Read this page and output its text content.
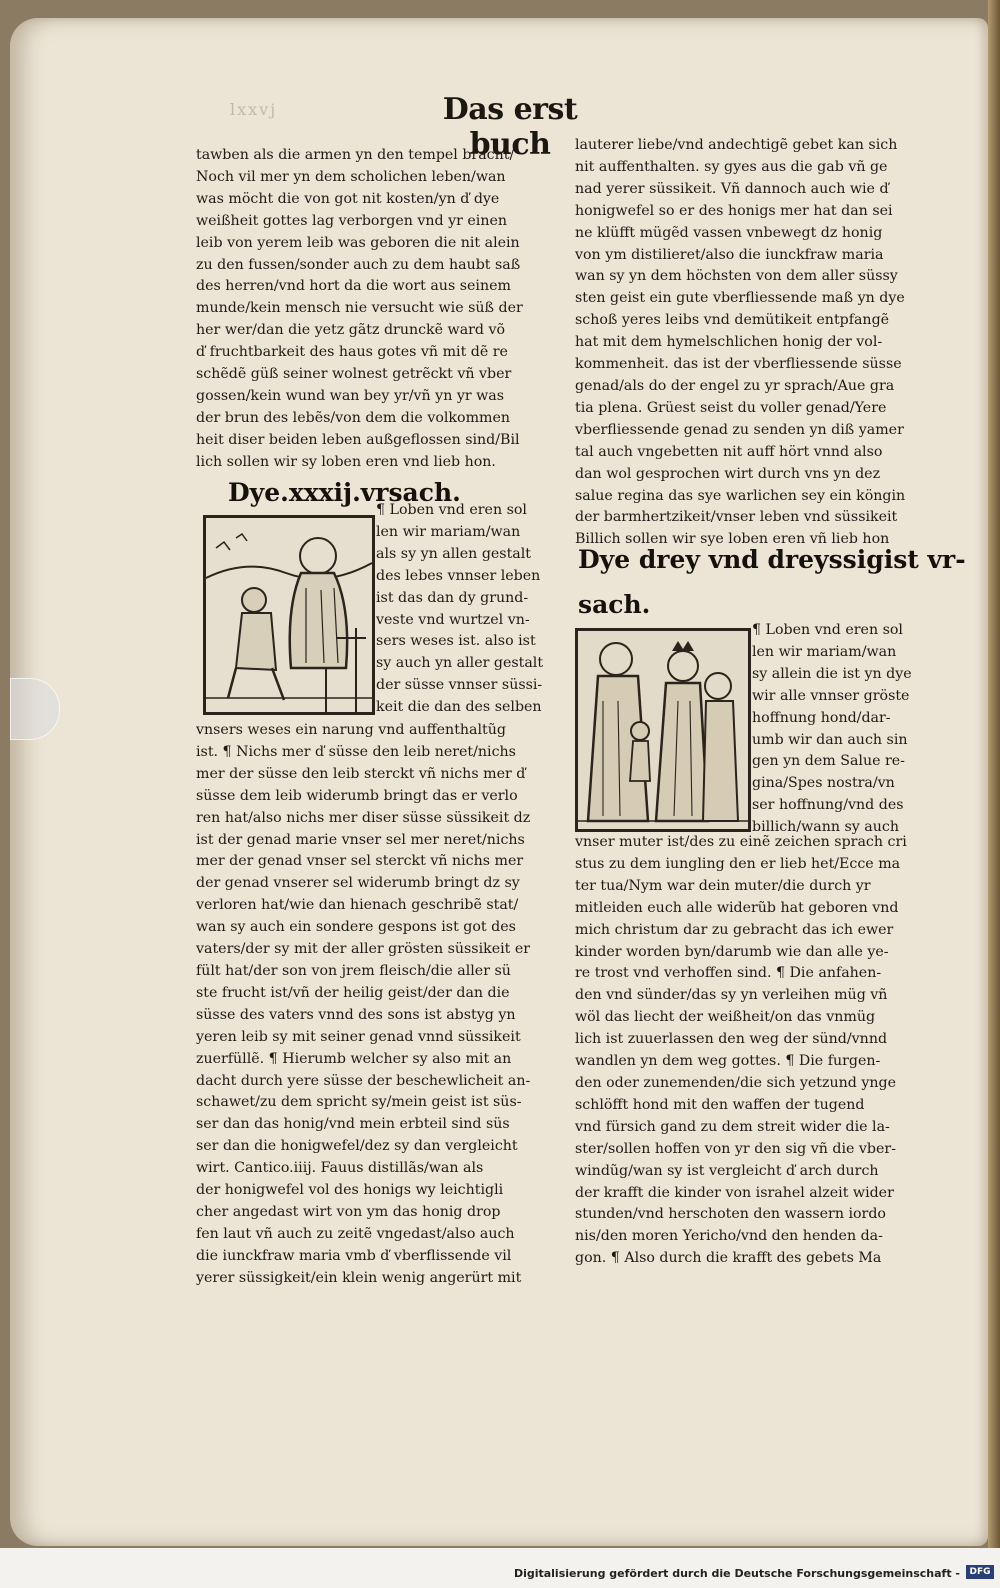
lxxvj	Das erst buch
tawben als die armen yn den tempel bracht/
Noch vil mer yn dem scholichen leben/wan
was möcht die von got nit kosten/yn ď dye
weißheit gottes lag verborgen vnd yr einen
leib von yerem leib was geboren die nit alein
zu den fussen/sonder auch zu dem haubt saß
des herren/vnd hort da die wort aus seinem
munde/kein mensch nie versucht wie süß der
her wer/dan die yetz gãtz drunckẽ ward võ
ď fruchtbarkeit des haus gotes vñ mit dẽ re
schẽdẽ güß seiner wolnest getrẽckt vñ vber
gossen/kein wund wan bey yr/vñ yn yr was
der brun des lebẽs/von dem die volkommen
heit diser beiden leben außgeflossen sind/Bil
lich sollen wir sy loben eren vnd lieb hon.
Dye.xxxij.vrsach.
¶ Loben vnd eren sol
len wir mariam/wan
als sy yn allen gestalt
des lebes vnnser leben
ist das dan dy grund-
veste vnd wurtzel vn-
sers weses ist. also ist
sy auch yn aller gestalt
der süsse vnnser süssi-
keit die dan des selben
vnsers weses ein narung vnd auffenthaltũg
ist. ¶ Nichs mer ď süsse den leib neret/nichs
mer der süsse den leib sterckt vñ nichs mer ď
süsse dem leib widerumb bringt das er verlo
ren hat/also nichs mer diser süsse süssikeit dz
ist der genad marie vnser sel mer neret/nichs
mer der genad vnser sel sterckt vñ nichs mer
der genad vnserer sel widerumb bringt dz sy
verloren hat/wie dan hienach geschribẽ stat/
wan sy auch ein sondere gespons ist got des
vaters/der sy mit der aller grösten süssikeit er
fült hat/der son von jrem fleisch/die aller sü
ste frucht ist/vñ der heilig geist/der dan die
süsse des vaters vnnd des sons ist abstyg yn
yeren leib sy mit seiner genad vnnd süssikeit
zuerfüllẽ. ¶ Hierumb welcher sy also mit an
dacht durch yere süsse der beschewlicheit an-
schawet/zu dem spricht sy/mein geist ist süs-
ser dan das honig/vnd mein erbteil sind süs
ser dan die honigwefel/dez sy dan vergleicht
wirt. Cantico.iiij. Fauus distillãs/wan als
der honigwefel vol des honigs wy leichtigli
cher angedast wirt von ym das honig drop
fen laut vñ auch zu zeitẽ vngedast/also auch
die iunckfraw maria vmb ď vberflissende vil
yerer süssigkeit/ein klein wenig angerürt mit
lauterer liebe/vnd andechtigẽ gebet kan sich
nit auffenthalten. sy gyes aus die gab vñ ge
nad yerer süssikeit. Vñ dannoch auch wie ď
honigwefel so er des honigs mer hat dan sei
ne klüfft mügẽd vassen vnbewegt dz honig
von ym distilieret/also die iunckfraw maria
wan sy yn dem höchsten von dem aller süssy
sten geist ein gute vberfliessende maß yn dye
schoß yeres leibs vnd demütikeit entpfangẽ
hat mit dem hymelschlichen honig der vol-
kommenheit. das ist der vberfliessende süsse
genad/als do der engel zu yr sprach/Aue gra
tia plena. Grüest seist du voller genad/Yere
vberfliessende genad zu senden yn diß yamer
tal auch vngebetten nit auff hört vnnd also
dan wol gesprochen wirt durch vns yn dez
salue regina das sye warlichen sey ein köngin
der barmhertzikeit/vnser leben vnd süssikeit
Billich sollen wir sye loben eren vñ lieb hon
Dye drey vnd dreyssigist vr-
sach.
¶ Loben vnd eren sol
len wir mariam/wan
sy allein die ist yn dye
wir alle vnnser gröste
hoffnung hond/dar-
umb wir dan auch sin
gen yn dem Salue re-
gina/Spes nostra/vn
ser hoffnung/vnd des
billich/wann sy auch
vnser muter ist/des zu einẽ zeichen sprach cri
stus zu dem iungling den er lieb het/Ecce ma
ter tua/Nym war dein muter/die durch yr
mitleiden euch alle widerũb hat geboren vnd
mich christum dar zu gebracht das ich ewer
kinder worden byn/darumb wie dan alle ye-
re trost vnd verhoffen sind. ¶ Die anfahen-
den vnd sünder/das sy yn verleihen müg vñ
wöl das liecht der weißheit/on das vnmüg
lich ist zuuerlassen den weg der sünd/vnnd
wandlen yn dem weg gottes. ¶ Die furgen-
den oder zunemenden/die sich yetzund ynge
schlöfft hond mit den waffen der tugend
vnd fürsich gand zu dem streit wider die la-
ster/sollen hoffen von yr den sig vñ die vber-
windũg/wan sy ist vergleicht ď arch durch
der krafft die kinder von israhel alzeit wider
stunden/vnd herschoten den wassern iordo
nis/den moren Yericho/vnd den henden da-
gon. ¶ Also durch die krafft des gebets Ma
Digitalisierung gefördert durch die Deutsche Forschungsgemeinschaft -	DFG
